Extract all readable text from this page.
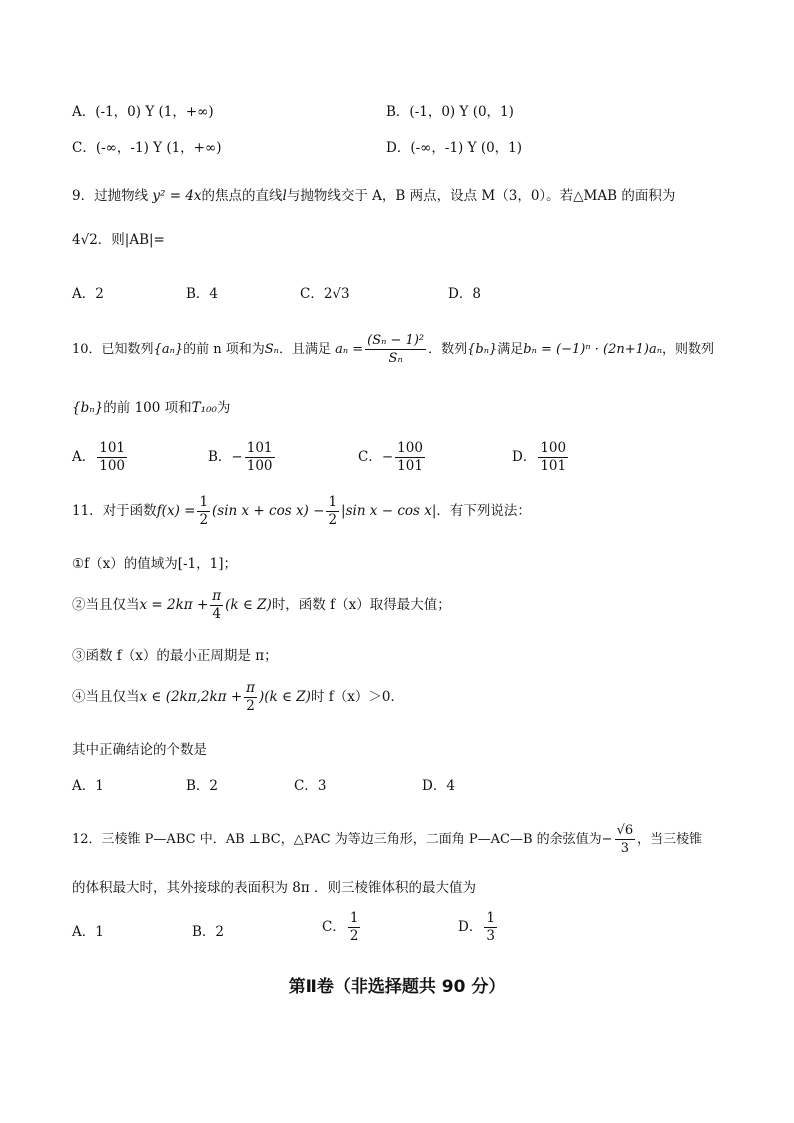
A．(-1，0) Y (1，+∞)	B．(-1，0) Y (0，1)
C．(-∞，-1) Y (1，+∞)	D．(-∞，-1) Y (0，1)
9．过抛物线 y² = 4x的焦点的直线l与抛物线交于 A，B 两点，设点 M（3，0）。若△MAB 的面积为
4√2．则|AB|=
A．2	B．4	C．2√3	D．8
10．已知数列{aₙ}的前 n 项和为Sₙ．且满足 $a_n = \frac{\text{(Sₙ − 1)²}}{\text{Sₙ}}$ ．数列{bₙ}满足bₙ = (−1)ⁿ · (2n+1)aₙ，则数列
{bₙ}的前 100 项和T₁₀₀为
A． $\frac{101}{100}$	B．− $\frac{101}{100}$	C．− $\frac{100}{101}$	D． $\frac{100}{101}$
11．对于函数$f(x) = \frac{1}{2} (\sin$ $x + \cos x) - \frac{1}{2} |\sin$ x − cos x|．有下列说法：
①f（x）的值域为[-1，1]；
②当且仅当$x = 2k\pi + \frac{\pi}{4} (k$ ∈ Z)时，函数 f（x）取得最大值；
③函数 f（x）的最小正周期是 π；
④当且仅当x ∈ $(2k\pi,2k\pi + \frac{\pi}{2} )(k$ ∈ Z)时 f（x）＞0．
其中正确结论的个数是
A．1	B．2	C．3	D．4
12．三棱锥 P—ABC 中．AB ⊥BC，△PAC 为等边三角形，二面角 P—AC—B 的余弦值为− $\frac{√6}{3}$ ，当三棱锥
的体积最大时，其外接球的表面积为 8π ．则三棱锥体积的最大值为
A．1	B．2	C． $\frac{1}{2}$	D． $\frac{1}{3}$
第Ⅱ卷（非选择题共 90 分）
